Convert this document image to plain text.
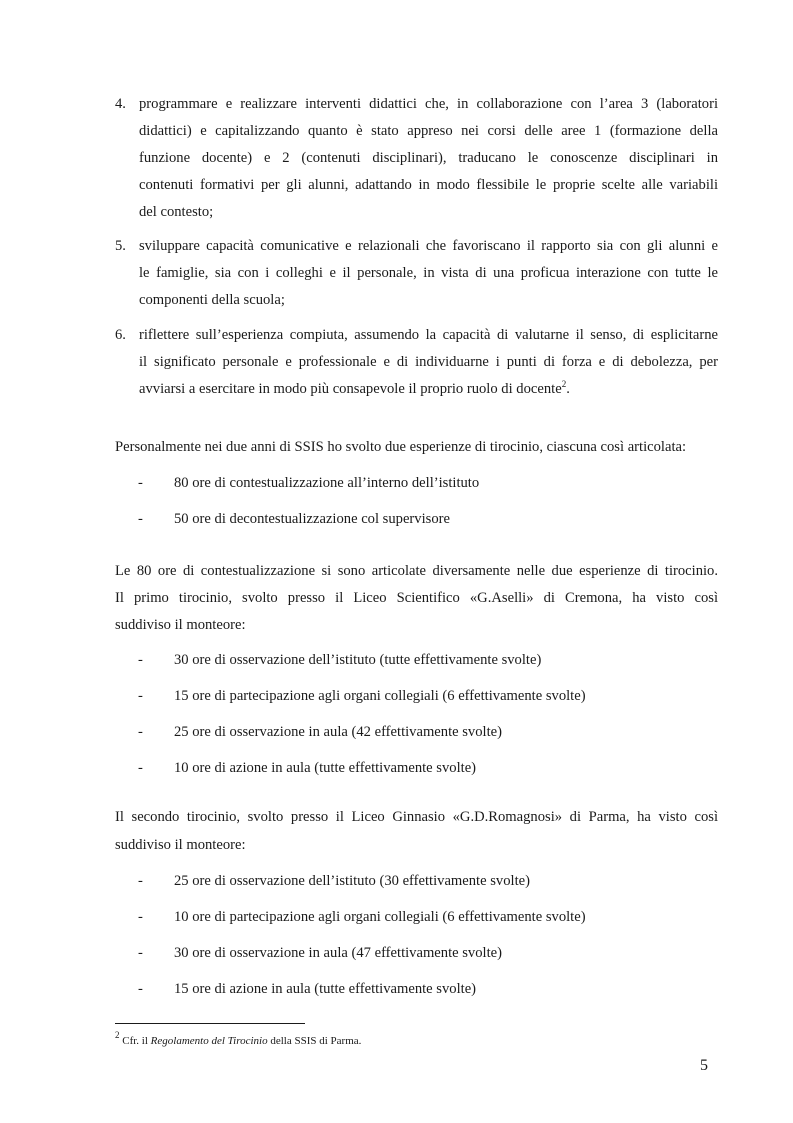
4. programmare e realizzare interventi didattici che, in collaborazione con l’area 3 (laboratori
didattici) e capitalizzando quanto è stato appreso nei corsi delle aree 1 (formazione della
funzione docente) e 2 (contenuti disciplinari), traducano le conoscenze disciplinari in
contenuti formativi per gli alunni, adattando in modo flessibile le proprie scelte alle variabili
del contesto;
5. sviluppare capacità comunicative e relazionali che favoriscano il rapporto sia con gli alunni e
le famiglie, sia con i colleghi e il personale, in vista di una proficua interazione con tutte le
componenti della scuola;
6. riflettere sull’esperienza compiuta, assumendo la capacità di valutarne il senso, di esplicitarne
il significato personale e professionale e di individuarne i punti di forza e di debolezza, per
avviarsi a esercitare in modo più consapevole il proprio ruolo di docente$^2$.
Personalmente nei due anni di SSIS ho svolto due esperienze di tirocinio, ciascuna così articolata:
- 80 ore di contestualizzazione all’interno dell’istituto
- 50 ore di decontestualizzazione col supervisore
Le 80 ore di contestualizzazione si sono articolate diversamente nelle due esperienze di tirocinio.
Il primo tirocinio, svolto presso il Liceo Scientifico «G.Aselli» di Cremona, ha visto così
suddiviso il monteore:
- 30 ore di osservazione dell’istituto (tutte effettivamente svolte)
- 15 ore di partecipazione agli organi collegiali (6 effettivamente svolte)
- 25 ore di osservazione in aula (42 effettivamente svolte)
- 10 ore di azione in aula (tutte effettivamente svolte)
Il secondo tirocinio, svolto presso il Liceo Ginnasio «G.D.Romagnosi» di Parma, ha visto così
suddiviso il monteore:
- 25 ore di osservazione dell’istituto (30 effettivamente svolte)
- 10 ore di partecipazione agli organi collegiali (6 effettivamente svolte)
- 30 ore di osservazione in aula (47 effettivamente svolte)
- 15 ore di azione in aula (tutte effettivamente svolte)
$^2$ Cfr. il Regolamento del Tirocinio della SSIS di Parma.
5
